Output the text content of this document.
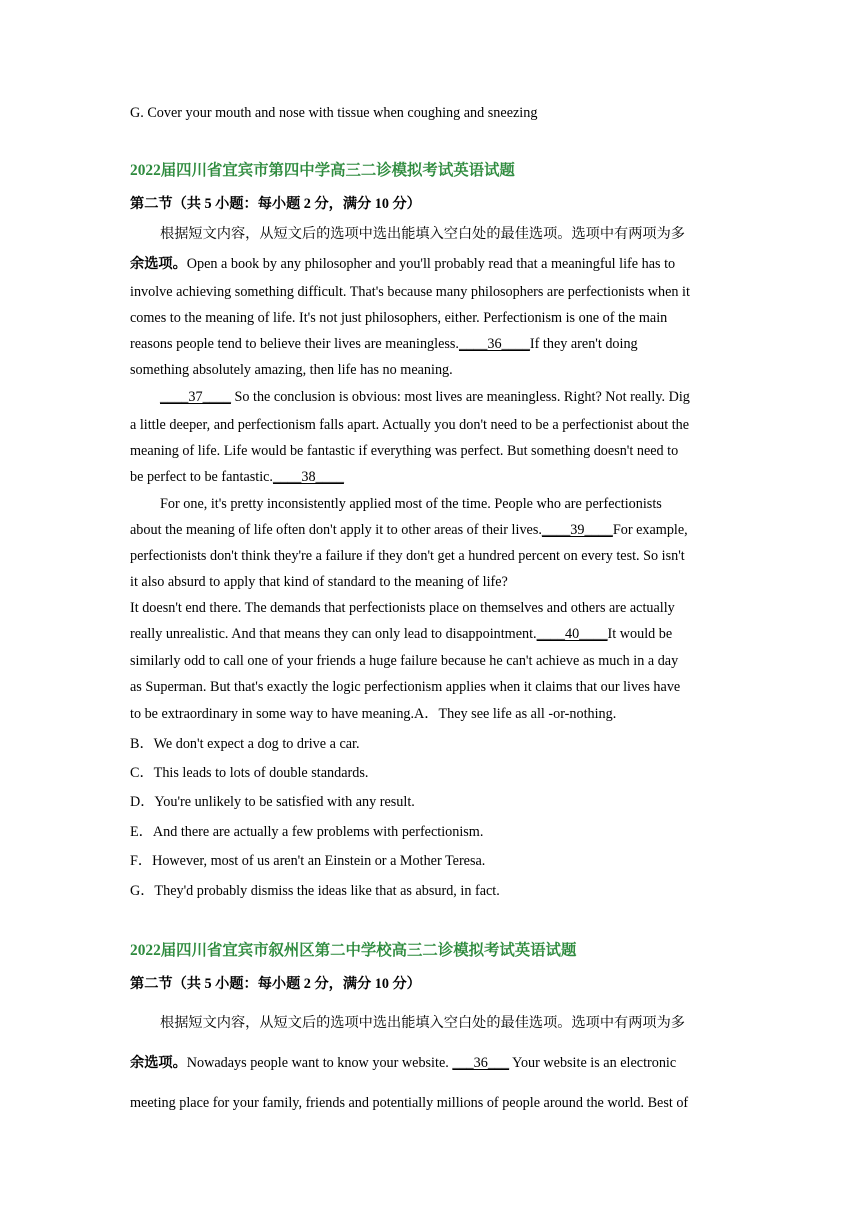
G. Cover your mouth and nose with tissue when coughing and sneezing
2022届四川省宜宾市第四中学高三二诊模拟考试英语试题
第二节（共 5 小题：每小题 2 分，满分 10 分）
根据短文内容，从短文后的选项中选出能填入空白处的最佳选项。选项中有两项为多
余选项。Open a book by any philosopher and you'll probably read that a meaningful life has to
involve achieving something difficult. That's because many philosophers are perfectionists when it
comes to the meaning of life. It's not just philosophers, either. Perfectionism is one of the main
reasons people tend to believe their lives are meaningless.____36____If they aren't doing
something absolutely amazing, then life has no meaning.
____37____ So the conclusion is obvious: most lives are meaningless. Right? Not really. Dig
a little deeper, and perfectionism falls apart. Actually you don't need to be a perfectionist about the
meaning of life. Life would be fantastic if everything was perfect. But something doesn't need to
be perfect to be fantastic.____38____
For one, it's pretty inconsistently applied most of the time. People who are perfectionists
about the meaning of life often don't apply it to other areas of their lives.____39____For example,
perfectionists don't think they're a failure if they don't get a hundred percent on every test. So isn't
it also absurd to apply that kind of standard to the meaning of life?
It doesn't end there. The demands that perfectionists place on themselves and others are actually
really unrealistic. And that means they can only lead to disappointment.____40____It would be
similarly odd to call one of your friends a huge failure because he can't achieve as much in a day
as Superman. But that's exactly the logic perfectionism applies when it claims that our lives have
to be extraordinary in some way to have meaning.A．They see life as all -or-nothing.
B．We don't expect a dog to drive a car.
C．This leads to lots of double standards.
D．You're unlikely to be satisfied with any result.
E．And there are actually a few problems with perfectionism.
F．However, most of us aren't an Einstein or a Mother Teresa.
G．They'd probably dismiss the ideas like that as absurd, in fact.
2022届四川省宜宾市叙州区第二中学校高三二诊模拟考试英语试题
第二节（共 5 小题：每小题 2 分，满分 10 分）
根据短文内容，从短文后的选项中选出能填入空白处的最佳选项。选项中有两项为多
余选项。Nowadays people want to know your website. ___36___ Your website is an electronic
meeting place for your family, friends and potentially millions of people around the world. Best of
